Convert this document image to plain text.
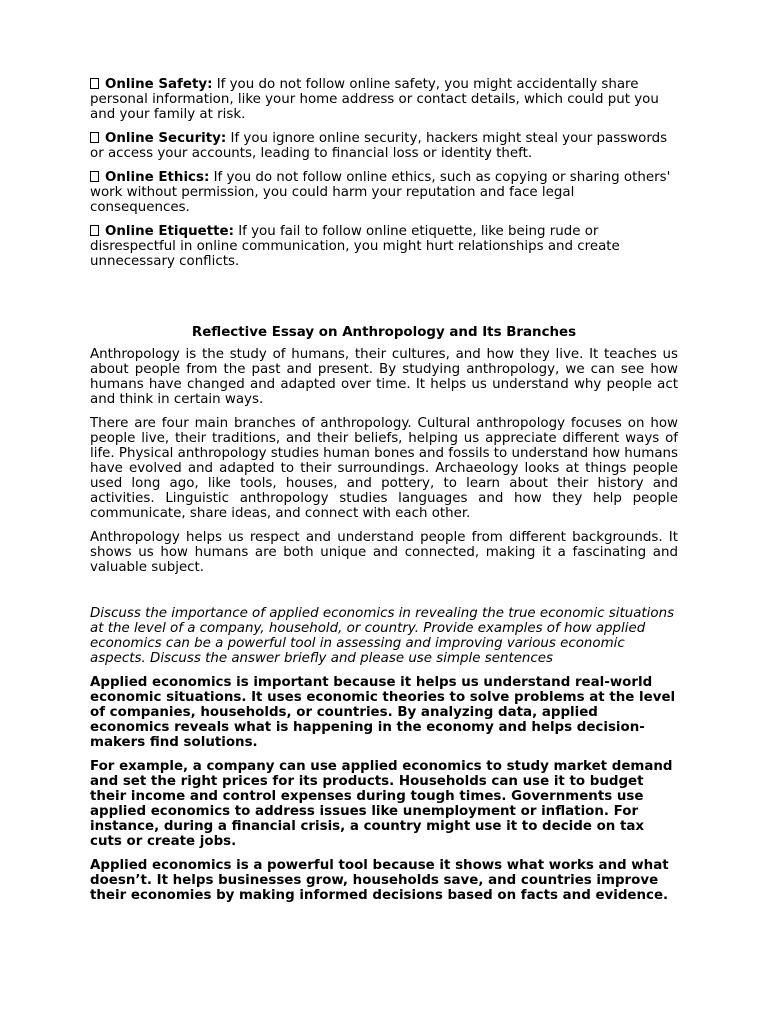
Online Safety: If you do not follow online safety, you might accidentally share personal information, like your home address or contact details, which could put you and your family at risk.

Online Security: If you ignore online security, hackers might steal your passwords or access your accounts, leading to financial loss or identity theft.

Online Ethics: If you do not follow online ethics, such as copying or sharing others' work without permission, you could harm your reputation and face legal consequences.

Online Etiquette: If you fail to follow online etiquette, like being rude or disrespectful in online communication, you might hurt relationships and create unnecessary conflicts.

Reflective Essay on Anthropology and Its Branches

Anthropology is the study of humans, their cultures, and how they live. It teaches us about people from the past and present. By studying anthropology, we can see how humans have changed and adapted over time. It helps us understand why people act and think in certain ways.

There are four main branches of anthropology. Cultural anthropology focuses on how people live, their traditions, and their beliefs, helping us appreciate different ways of life. Physical anthropology studies human bones and fossils to understand how humans have evolved and adapted to their surroundings. Archaeology looks at things people used long ago, like tools, houses, and pottery, to learn about their history and activities. Linguistic anthropology studies languages and how they help people communicate, share ideas, and connect with each other.

Anthropology helps us respect and understand people from different backgrounds. It shows us how humans are both unique and connected, making it a fascinating and valuable subject.

Discuss the importance of applied economics in revealing the true economic situations at the level of a company, household, or country. Provide examples of how applied economics can be a powerful tool in assessing and improving various economic aspects. Discuss the answer briefly and please use simple sentences

Applied economics is important because it helps us understand real-world economic situations. It uses economic theories to solve problems at the level of companies, households, or countries. By analyzing data, applied economics reveals what is happening in the economy and helps decision-makers find solutions.

For example, a company can use applied economics to study market demand and set the right prices for its products. Households can use it to budget their income and control expenses during tough times. Governments use applied economics to address issues like unemployment or inflation. For instance, during a financial crisis, a country might use it to decide on tax cuts or create jobs.

Applied economics is a powerful tool because it shows what works and what doesn’t. It helps businesses grow, households save, and countries improve their economies by making informed decisions based on facts and evidence.
